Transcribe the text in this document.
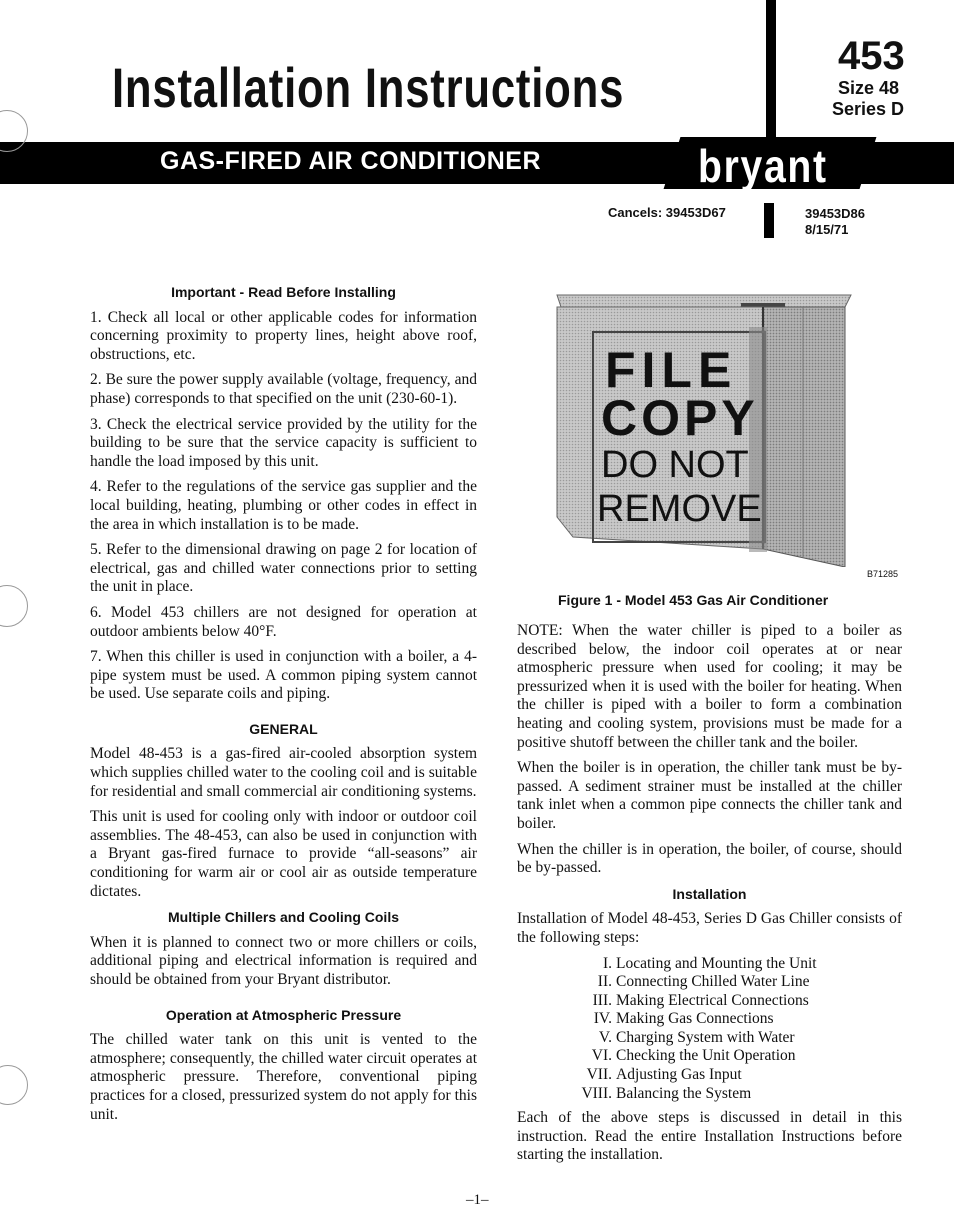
Installation Instructions	453
Size 48
Series D
GAS-FIRED AIR CONDITIONER	bryant
Cancels: 39453D67	39453D86
8/15/71
Important - Read Before Installing

1. Check all local or other applicable codes for information concerning proximity to property lines, height above roof, obstructions, etc.

2. Be sure the power supply available (voltage, frequency, and phase) corresponds to that specified on the unit (230-60-1).

3. Check the electrical service provided by the utility for the building to be sure that the service capacity is sufficient to handle the load imposed by this unit.

4. Refer to the regulations of the service gas supplier and the local building, heating, plumbing or other codes in effect in the area in which installation is to be made.

5. Refer to the dimensional drawing on page 2 for location of electrical, gas and chilled water connections prior to setting the unit in place.

6. Model 453 chillers are not designed for operation at outdoor ambients below 40°F.

7. When this chiller is used in conjunction with a boiler, a 4-pipe system must be used. A common piping system cannot be used. Use separate coils and piping.

GENERAL

Model 48-453 is a gas-fired air-cooled absorption system which supplies chilled water to the cooling coil and is suitable for residential and small commercial air conditioning systems.

This unit is used for cooling only with indoor or outdoor coil assemblies. The 48-453, can also be used in conjunction with a Bryant gas-fired furnace to provide “all-seasons” air conditioning for warm air or cool air as outside temperature dictates.

Multiple Chillers and Cooling Coils

When it is planned to connect two or more chillers or coils, additional piping and electrical information is required and should be obtained from your Bryant distributor.

Operation at Atmospheric Pressure

The chilled water tank on this unit is vented to the atmosphere; consequently, the chilled water circuit operates at atmospheric pressure. Therefore, conventional piping practices for a closed, pressurized system do not apply for this unit.

FILE
COPY
DO NOT
REMOVE
B71285
Figure 1 - Model 453 Gas Air Conditioner

NOTE: When the water chiller is piped to a boiler as described below, the indoor coil operates at or near atmospheric pressure when used for cooling; it may be pressurized when it is used with the boiler for heating. When the chiller is piped with a boiler to form a combination heating and cooling system, provisions must be made for a positive shutoff between the chiller tank and the boiler.

When the boiler is in operation, the chiller tank must be by-passed. A sediment strainer must be installed at the chiller tank inlet when a common pipe connects the chiller tank and boiler.

When the chiller is in operation, the boiler, of course, should be by-passed.

Installation

Installation of Model 48-453, Series D Gas Chiller consists of the following steps:

I. Locating and Mounting the Unit
II. Connecting Chilled Water Line
III. Making Electrical Connections
IV. Making Gas Connections
V. Charging System with Water
VI. Checking the Unit Operation
VII. Adjusting Gas Input
VIII. Balancing the System

Each of the above steps is discussed in detail in this instruction. Read the entire Installation Instructions before starting the installation.

–1–
